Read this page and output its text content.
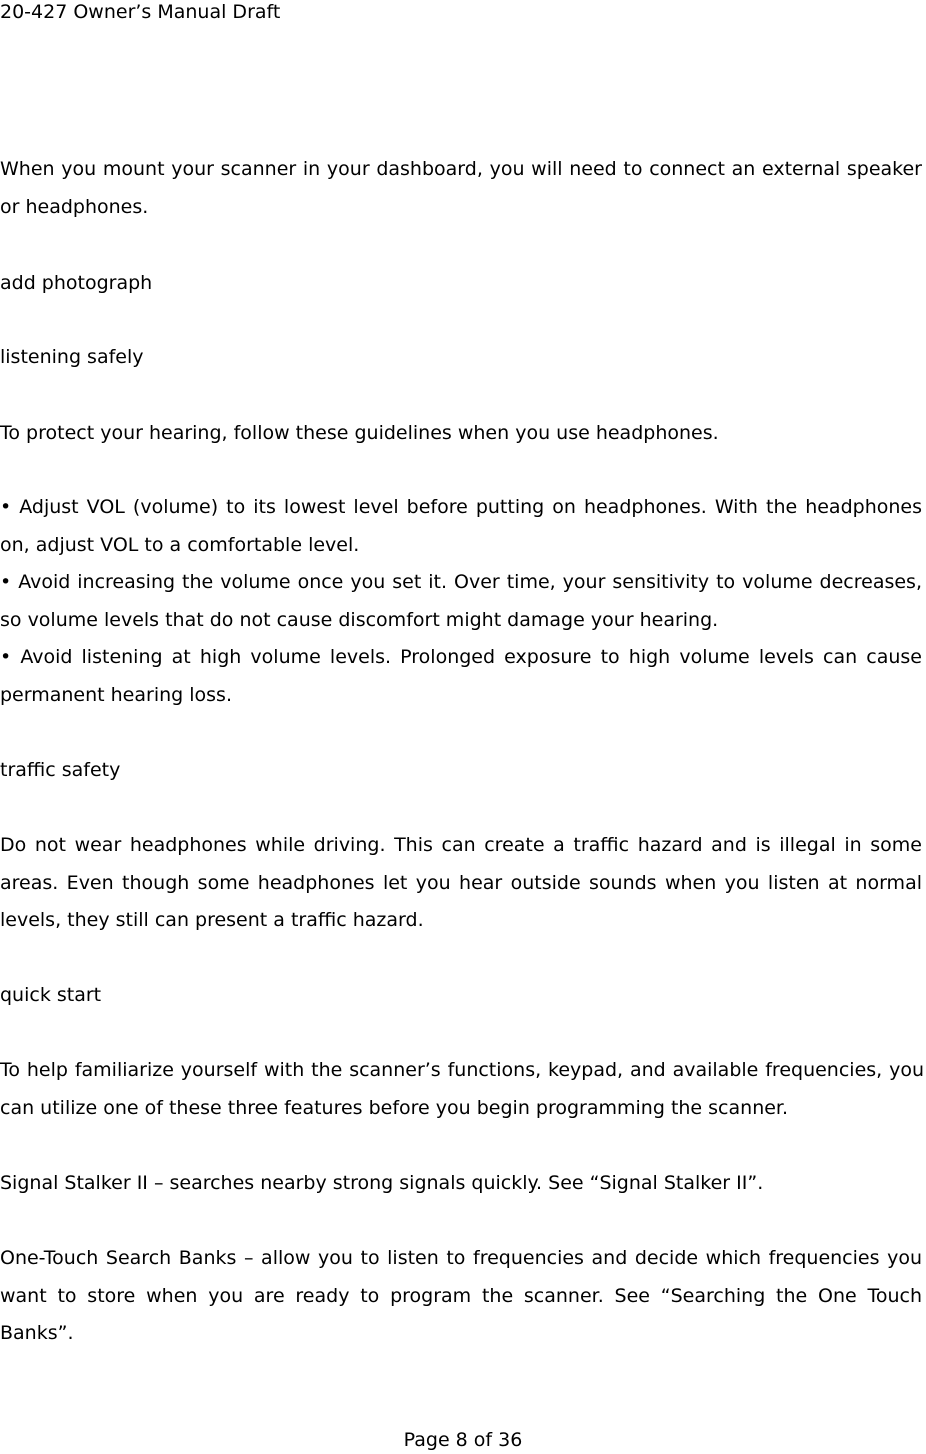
20-427 Owner’s Manual Draft

When you mount your scanner in your dashboard, you will need to connect an external speaker or headphones.

add photograph

listening safely

To protect your hearing, follow these guidelines when you use headphones.

• Adjust VOL (volume) to its lowest level before putting on headphones. With the headphones on, adjust VOL to a comfortable level.
• Avoid increasing the volume once you set it. Over time, your sensitivity to volume decreases, so volume levels that do not cause discomfort might damage your hearing.
• Avoid listening at high volume levels. Prolonged exposure to high volume levels can cause permanent hearing loss.

traffic safety

Do not wear headphones while driving. This can create a traffic hazard and is illegal in some areas. Even though some headphones let you hear outside sounds when you listen at normal levels, they still can present a traffic hazard.

quick start

To help familiarize yourself with the scanner’s functions, keypad, and available frequencies, you can utilize one of these three features before you begin programming the scanner.

Signal Stalker II – searches nearby strong signals quickly. See “Signal Stalker II”.

One-Touch Search Banks – allow you to listen to frequencies and decide which frequencies you want to store when you are ready to program the scanner. See “Searching the One Touch Banks”.

Page 8 of 36
